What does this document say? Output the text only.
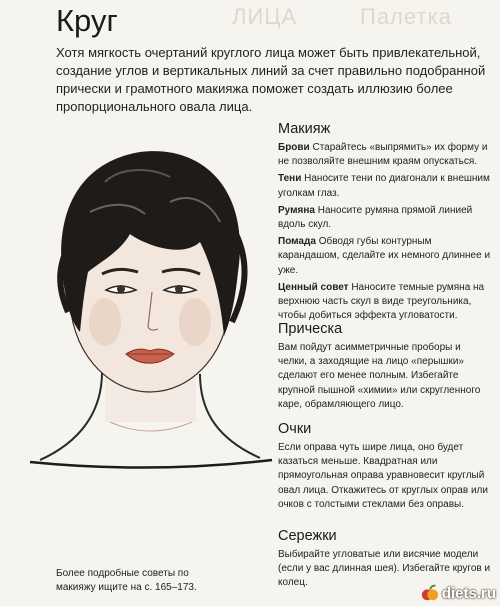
ЛИЦА	Палетка
Круг
Хотя мягкость очертаний круглого лица может быть привлекательной, создание углов и вертикальных линий за счет правильно подобранной прически и грамотного макияжа поможет создать иллюзию более пропорционального овала лица.
Более подробные советы по макияжу ищите на с. 165–173.
Макияж
Брови Старайтесь «выпрямить» их форму и не позволяйте внешним краям опускаться.
Тени Наносите тени по диагонали к внешним уголкам глаз.
Румяна Наносите румяна прямой линией вдоль скул.
Помада Обводя губы контурным карандашом, сделайте их немного длиннее и уже.
Ценный совет Наносите темные румяна на верхнюю часть скул в виде треугольника, чтобы добиться эффекта угловатости.
Прическа
Вам пойдут асимметричные проборы и челки, а заходящие на лицо «перышки» сделают его менее полным. Избегайте крупной пышной «химии» или скругленного каре, обрамляющего лицо.
Очки
Если оправа чуть шире лица, оно будет казаться меньше. Квадратная или прямоугольная оправа уравновесит круглый овал лица. Откажитесь от круглых оправ или очков с толстыми стеклами без оправы.
Сережки
Выбирайте угловатые или висячие модели (если у вас длинная шея). Избегайте кругов и колец.
diets.ru
